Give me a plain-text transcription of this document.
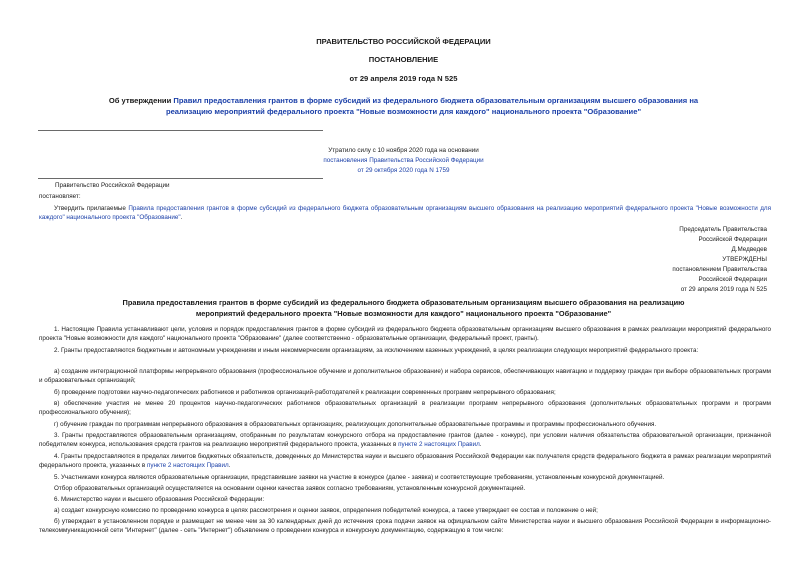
ПРАВИТЕЛЬСТВО РОССИЙСКОЙ ФЕДЕРАЦИИ
ПОСТАНОВЛЕНИЕ
от 29 апреля 2019 года N 525
Об утверждении Правил предоставления грантов в форме субсидий из федерального бюджета образовательным организациям высшего образования на
реализацию мероприятий федерального проекта "Новые возможности для каждого" национального проекта "Образование"
Утратило силу с 10 ноября 2020 года на основании
постановления Правительства Российской Федерации
от 29 октября 2020 года N 1759
Правительство Российской Федерации
постановляет:
Утвердить прилагаемые Правила предоставления грантов в форме субсидий из федерального бюджета образовательным организациям высшего образования на реализацию мероприятий федерального проекта "Новые возможности для каждого" национального проекта "Образование".
Председатель Правительства
Российской Федерации
Д.Медведев
УТВЕРЖДЕНЫ
постановлением Правительства
Российской Федерации
от 29 апреля 2019 года N 525
Правила предоставления грантов в форме субсидий из федерального бюджета образовательным организациям высшего образования на реализацию
мероприятий федерального проекта "Новые возможности для каждого" национального проекта "Образование"
1. Настоящие Правила устанавливают цели, условия и порядок предоставления грантов в форме субсидий из федерального бюджета образовательным организациям высшего образования в рамках реализации мероприятий федерального проекта "Новые возможности для каждого" национального проекта "Образование" (далее соответственно - образовательные организации, федеральный проект, гранты).
2. Гранты предоставляются бюджетным и автономным учреждениям и иным некоммерческим организациям, за исключением казенных учреждений, в целях реализации следующих мероприятий федерального проекта:
а) создание интеграционной платформы непрерывного образования (профессиональное обучение и дополнительное образование) и набора сервисов, обеспечивающих навигацию и поддержку граждан при выборе образовательных программ и образовательных организаций;
б) проведение подготовки научно-педагогических работников и работников организаций-работодателей к реализации современных программ непрерывного образования;
в) обеспечение участия не менее 20 процентов научно-педагогических работников образовательных организаций в реализации программ непрерывного образования (дополнительных образовательных программ и программ профессионального обучения);
г) обучение граждан по программам непрерывного образования в образовательных организациях, реализующих дополнительные образовательные программы и программы профессионального обучения.
3. Гранты предоставляются образовательным организациям, отобранным по результатам конкурсного отбора на предоставление грантов (далее - конкурс), при условии наличия обязательства образовательной организации, признанной победителем конкурса, использования средств грантов на реализацию мероприятий федерального проекта, указанных в пункте 2 настоящих Правил.
4. Гранты предоставляются в пределах лимитов бюджетных обязательств, доведенных до Министерства науки и высшего образования Российской Федерации как получателя средств федерального бюджета в рамках реализации мероприятий федерального проекта, указанных в пункте 2 настоящих Правил.
5. Участниками конкурса являются образовательные организации, представившие заявки на участие в конкурсе (далее - заявка) и соответствующие требованиям, установленным конкурсной документацией.
Отбор образовательных организаций осуществляется на основании оценки качества заявок согласно требованиям, установленным конкурсной документацией.
6. Министерство науки и высшего образования Российской Федерации:
а) создает конкурсную комиссию по проведению конкурса в целях рассмотрения и оценки заявок, определения победителей конкурса, а также утверждает ее состав и положение о ней;
б) утверждает в установленном порядке и размещает не менее чем за 30 календарных дней до истечения срока подачи заявок на официальном сайте Министерства науки и высшего образования Российской Федерации в информационно-телекоммуникационной сети "Интернет" (далее - сеть "Интернет") объявление о проведении конкурса и конкурсную документацию, содержащую в том числе:
